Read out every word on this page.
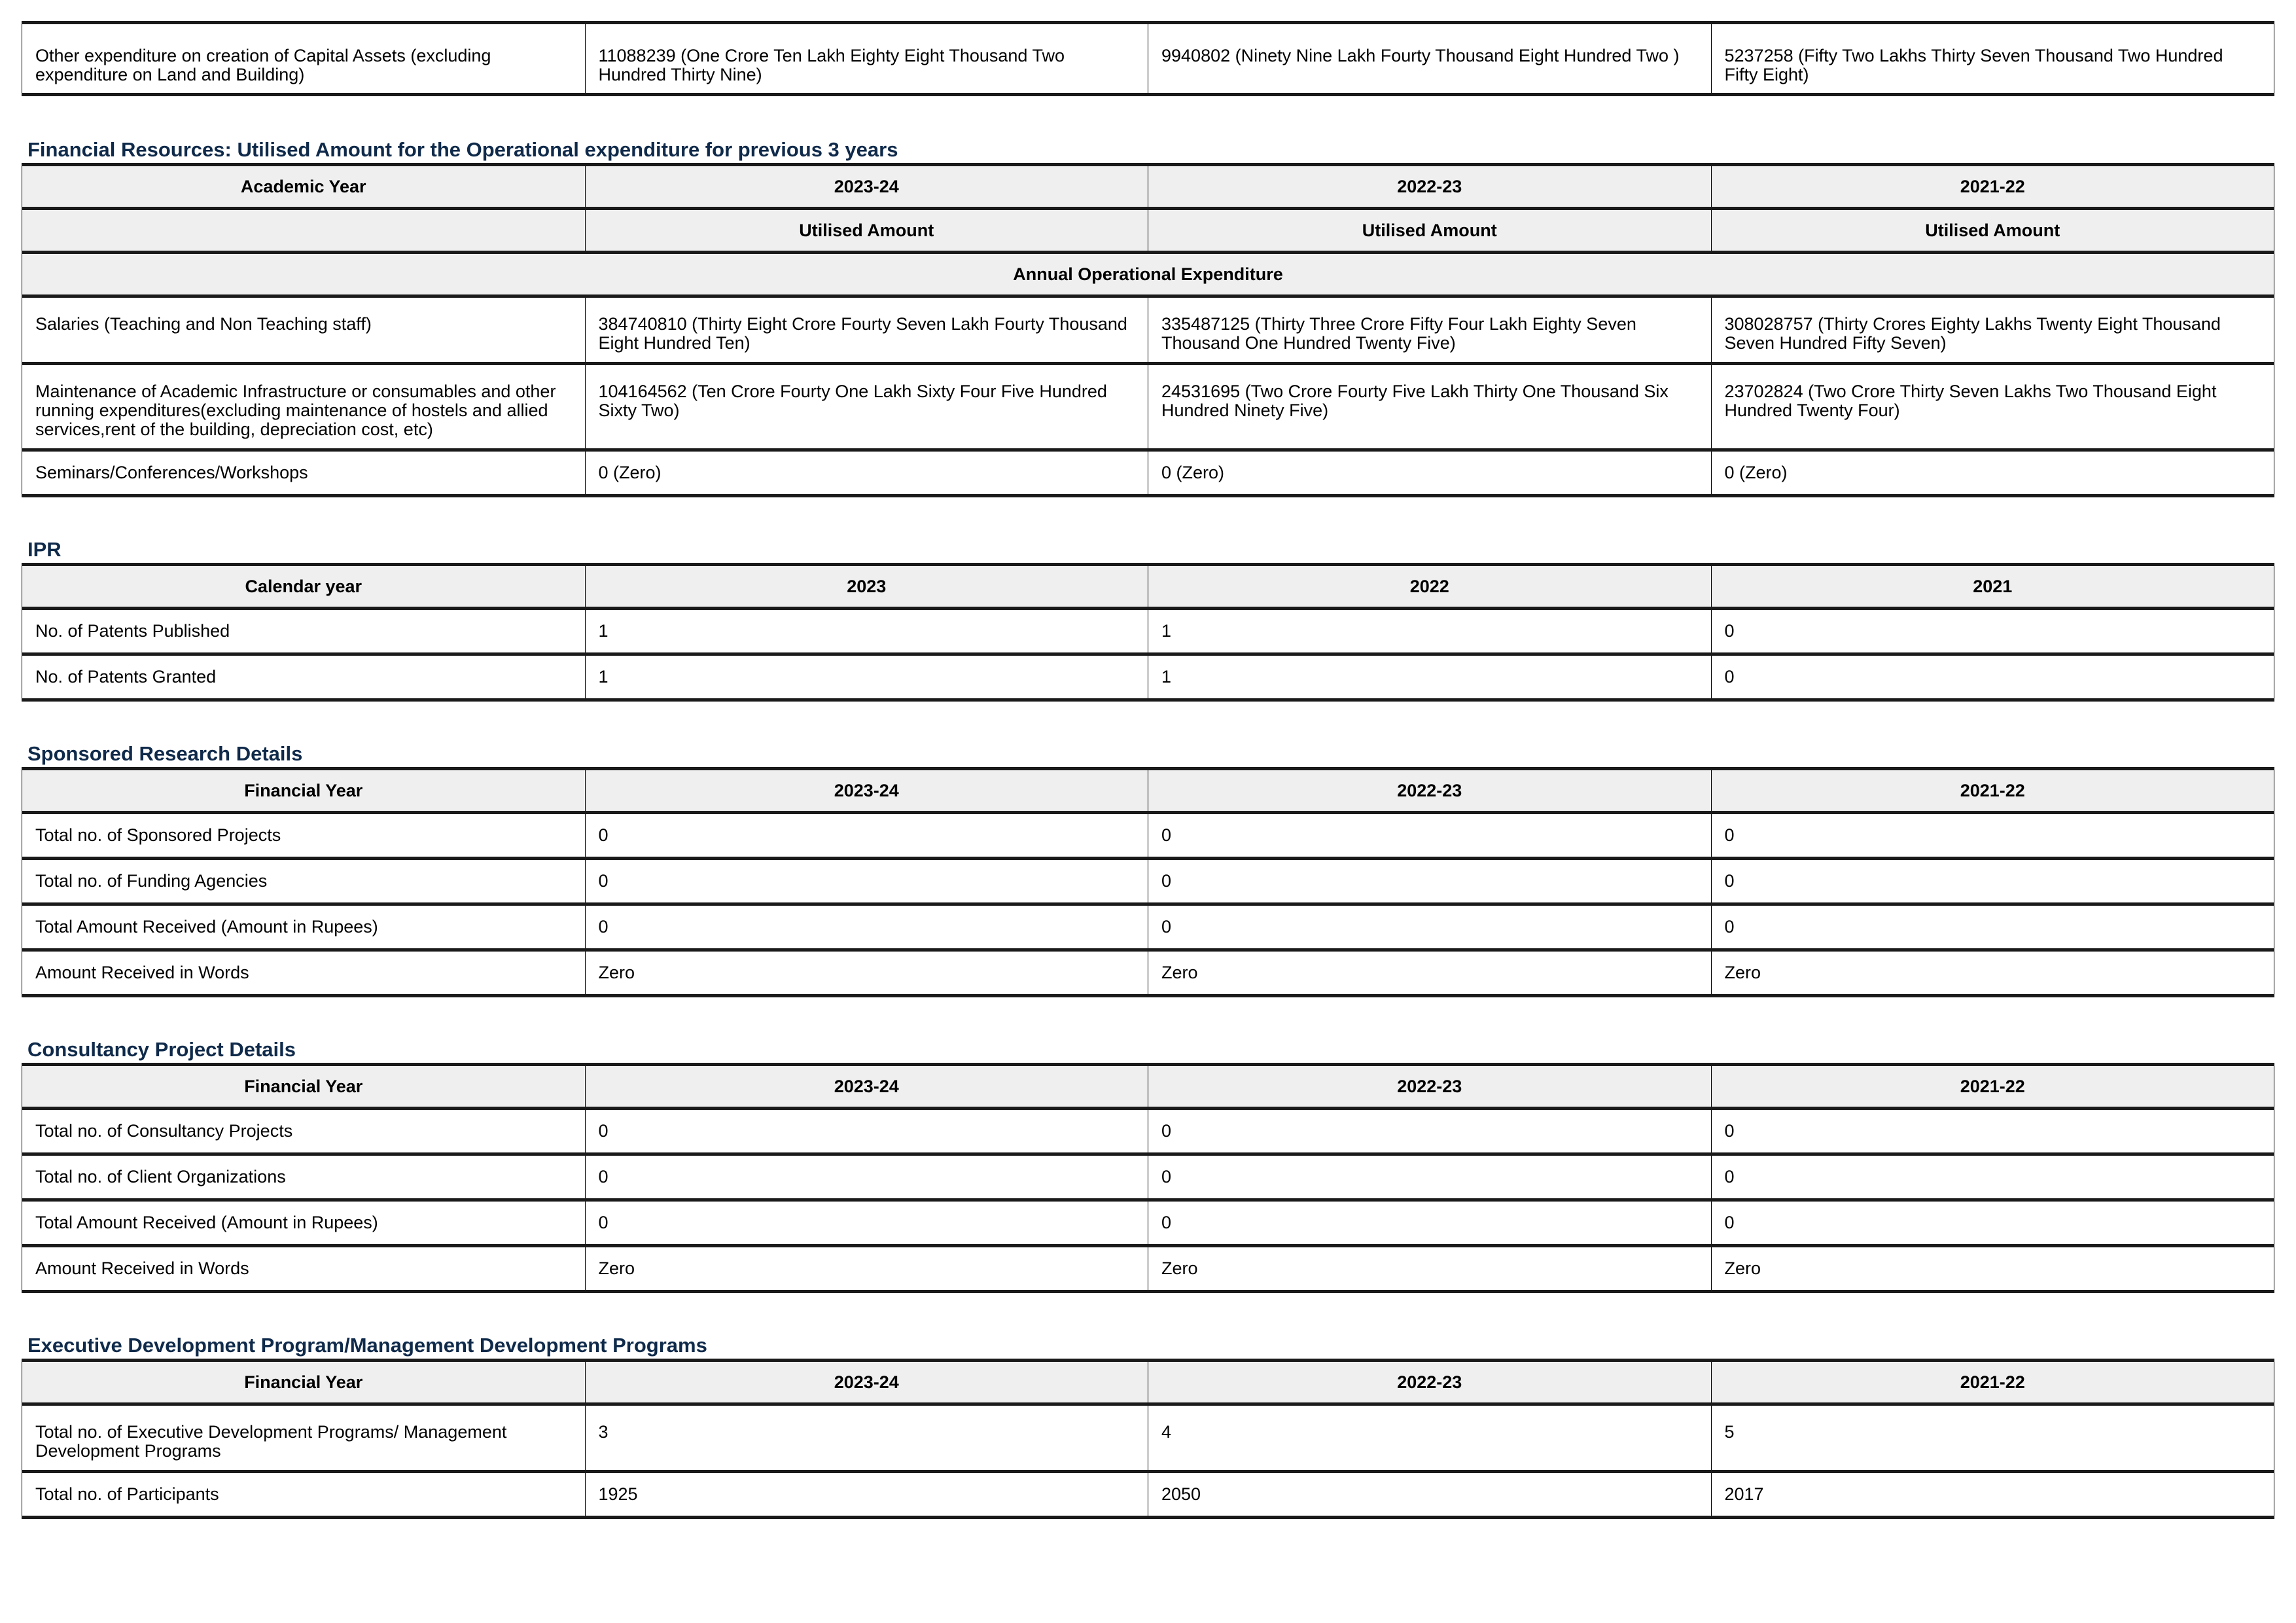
Other expenditure on creation of Capital Assets (excluding expenditure on Land and Building)	11088239 (One Crore Ten Lakh Eighty Eight Thousand Two Hundred Thirty Nine)	9940802 (Ninety Nine Lakh Fourty Thousand Eight Hundred Two )	5237258 (Fifty Two Lakhs Thirty Seven Thousand Two Hundred Fifty Eight)
Financial Resources: Utilised Amount for the Operational expenditure for previous 3 years
Academic Year	2023-24	2022-23	2021-22
	Utilised Amount	Utilised Amount	Utilised Amount
Annual Operational Expenditure			
Salaries (Teaching and Non Teaching staff)	384740810 (Thirty Eight Crore Fourty Seven Lakh Fourty Thousand Eight Hundred Ten)	335487125 (Thirty Three Crore Fifty Four Lakh Eighty Seven Thousand One Hundred Twenty Five)	308028757 (Thirty Crores Eighty Lakhs Twenty Eight Thousand Seven Hundred Fifty Seven)
Maintenance of Academic Infrastructure or consumables and other running expenditures(excluding maintenance of hostels and allied services,rent of the building, depreciation cost, etc)	104164562 (Ten Crore Fourty One Lakh Sixty Four Five Hundred Sixty Two)	24531695 (Two Crore Fourty Five Lakh Thirty One Thousand Six Hundred Ninety Five)	23702824 (Two Crore Thirty Seven Lakhs Two Thousand Eight Hundred Twenty Four)
Seminars/Conferences/Workshops	0 (Zero)	0 (Zero)	0 (Zero)
IPR
Calendar year	2023	2022	2021
No. of Patents Published	1	1	0
No. of Patents Granted	1	1	0
Sponsored Research Details
Financial Year	2023-24	2022-23	2021-22
Total no. of Sponsored Projects	0	0	0
Total no. of Funding Agencies	0	0	0
Total Amount Received (Amount in Rupees)	0	0	0
Amount Received in Words	Zero	Zero	Zero
Consultancy Project Details
Financial Year	2023-24	2022-23	2021-22
Total no. of Consultancy Projects	0	0	0
Total no. of Client Organizations	0	0	0
Total Amount Received (Amount in Rupees)	0	0	0
Amount Received in Words	Zero	Zero	Zero
Executive Development Program/Management Development Programs
Financial Year	2023-24	2022-23	2021-22
Total no. of Executive Development Programs/ Management Development Programs	3	4	5
Total no. of Participants	1925	2050	2017
